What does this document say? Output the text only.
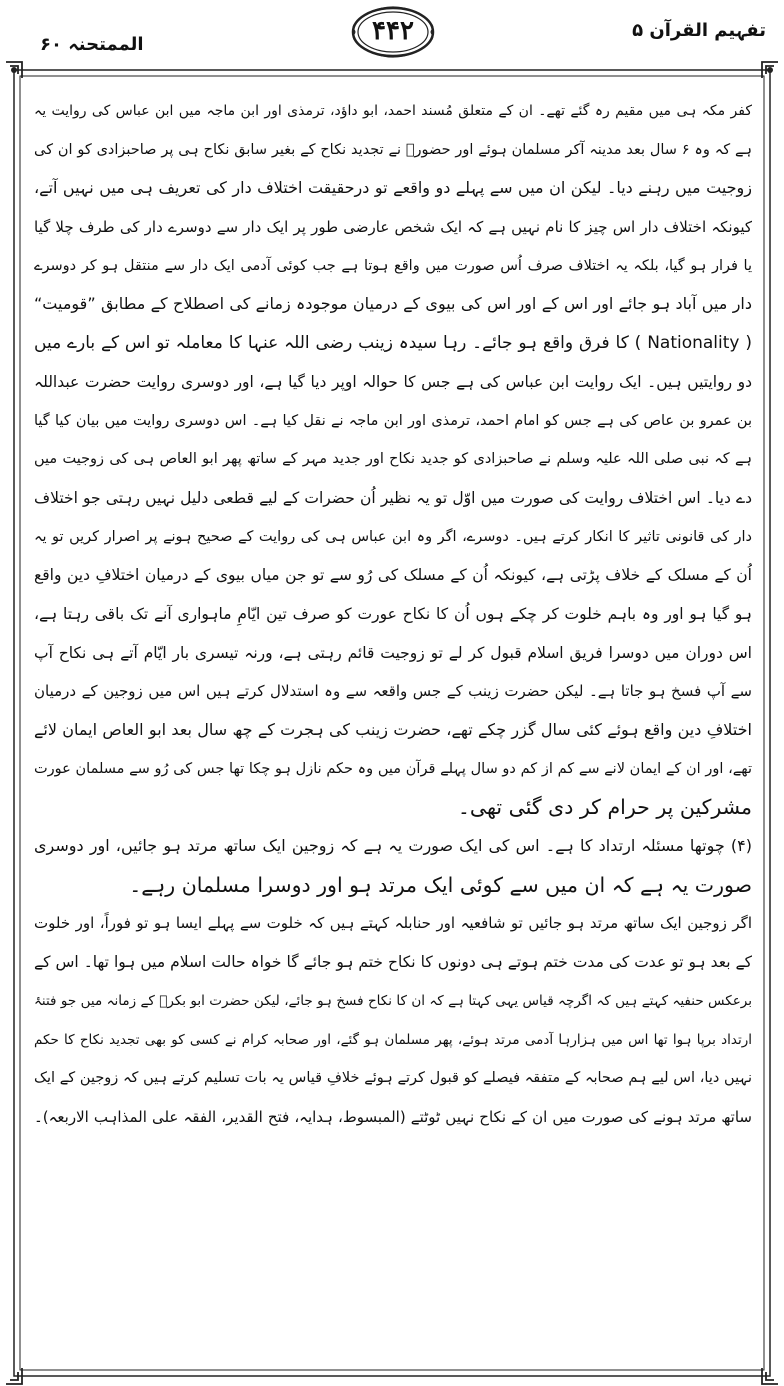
الممتحنہ ۶۰	۴۴۲	تفہیم القرآن ۵
کفر مکہ ہی میں مقیم رہ گئے تھے۔ ان کے متعلق مُسند احمد، ابو داؤد، ترمذی اور ابن ماجہ میں ابن عباس کی روایت یہ
ہے کہ وہ ۶ سال بعد مدینہ آکر مسلمان ہوئے اور حضورؐ نے تجدید نکاح کے بغیر سابق نکاح ہی پر صاحبزادی کو ان کی
زوجیت میں رہنے دیا۔ لیکن ان میں سے پہلے دو واقعے تو درحقیقت اختلاف دار کی تعریف ہی میں نہیں آتے،
کیونکہ اختلاف دار اس چیز کا نام نہیں ہے کہ ایک شخص عارضی طور پر ایک دار سے دوسرے دار کی طرف چلا گیا
یا فرار ہو گیا، بلکہ یہ اختلاف صرف اُس صورت میں واقع ہوتا ہے جب کوئی آدمی ایک دار سے منتقل ہو کر دوسرے
دار میں آباد ہو جائے اور اس کے اور اس کی بیوی کے درمیان موجودہ زمانے کی اصطلاح کے مطابق ”قومیت“
( Nationality ) کا فرق واقع ہو جائے۔ رہا سیدہ زینب رضی اللہ عنہا کا معاملہ تو اس کے بارے میں
دو روایتیں ہیں۔ ایک روایت ابن عباس کی ہے جس کا حوالہ اوپر دیا گیا ہے، اور دوسری روایت حضرت عبداللہ
بن عمرو بن عاص کی ہے جس کو امام احمد، ترمذی اور ابن ماجہ نے نقل کیا ہے۔ اس دوسری روایت میں بیان کیا گیا
ہے کہ نبی صلی اللہ علیہ وسلم نے صاحبزادی کو جدید نکاح اور جدید مہر کے ساتھ پھر ابو العاص ہی کی زوجیت میں
دے دیا۔ اس اختلاف روایت کی صورت میں اوّل تو یہ نظیر اُن حضرات کے لیے قطعی دلیل نہیں رہتی جو اختلاف
دار کی قانونی تاثیر کا انکار کرتے ہیں۔ دوسرے، اگر وہ ابن عباس ہی کی روایت کے صحیح ہونے پر اصرار کریں تو یہ
اُن کے مسلک کے خلاف پڑتی ہے، کیونکہ اُن کے مسلک کی رُو سے تو جن میاں بیوی کے درمیان اختلافِ دین واقع
ہو گیا ہو اور وہ باہم خلوت کر چکے ہوں اُن کا نکاح عورت کو صرف تین ایّامِ ماہواری آنے تک باقی رہتا ہے،
اس دوران میں دوسرا فریق اسلام قبول کر لے تو زوجیت قائم رہتی ہے، ورنہ تیسری بار ایّام آتے ہی نکاح آپ
سے آپ فسخ ہو جاتا ہے۔ لیکن حضرت زینب کے جس واقعہ سے وہ استدلال کرتے ہیں اس میں زوجین کے درمیان
اختلافِ دین واقع ہوئے کئی سال گزر چکے تھے، حضرت زینب کی ہجرت کے چھ سال بعد ابو العاص ایمان لائے
تھے، اور ان کے ایمان لانے سے کم از کم دو سال پہلے قرآن میں وہ حکم نازل ہو چکا تھا جس کی رُو سے مسلمان عورت
مشرکین پر حرام کر دی گئی تھی۔
(۴) چوتھا مسئلہ ارتداد کا ہے۔ اس کی ایک صورت یہ ہے کہ زوجین ایک ساتھ مرتد ہو جائیں، اور دوسری
صورت یہ ہے کہ ان میں سے کوئی ایک مرتد ہو اور دوسرا مسلمان رہے۔
اگر زوجین ایک ساتھ مرتد ہو جائیں تو شافعیہ اور حنابلہ کہتے ہیں کہ خلوت سے پہلے ایسا ہو تو فوراً، اور خلوت
کے بعد ہو تو عدت کی مدت ختم ہوتے ہی دونوں کا نکاح ختم ہو جائے گا خواہ حالت اسلام میں ہوا تھا۔ اس کے
برعکس حنفیہ کہتے ہیں کہ اگرچہ قیاس یہی کہتا ہے کہ ان کا نکاح فسخ ہو جائے، لیکن حضرت ابو بکرؓ کے زمانہ میں جو فتنۂ
ارتداد برپا ہوا تھا اس میں ہزارہا آدمی مرتد ہوئے، پھر مسلمان ہو گئے، اور صحابہ کرام نے کسی کو بھی تجدید نکاح کا حکم
نہیں دیا، اس لیے ہم صحابہ کے متفقہ فیصلے کو قبول کرتے ہوئے خلافِ قیاس یہ بات تسلیم کرتے ہیں کہ زوجین کے ایک
ساتھ مرتد ہونے کی صورت میں ان کے نکاح نہیں ٹوٹتے (المبسوط، ہدایہ، فتح القدیر، الفقہ علی المذاہب الاربعہ)۔
